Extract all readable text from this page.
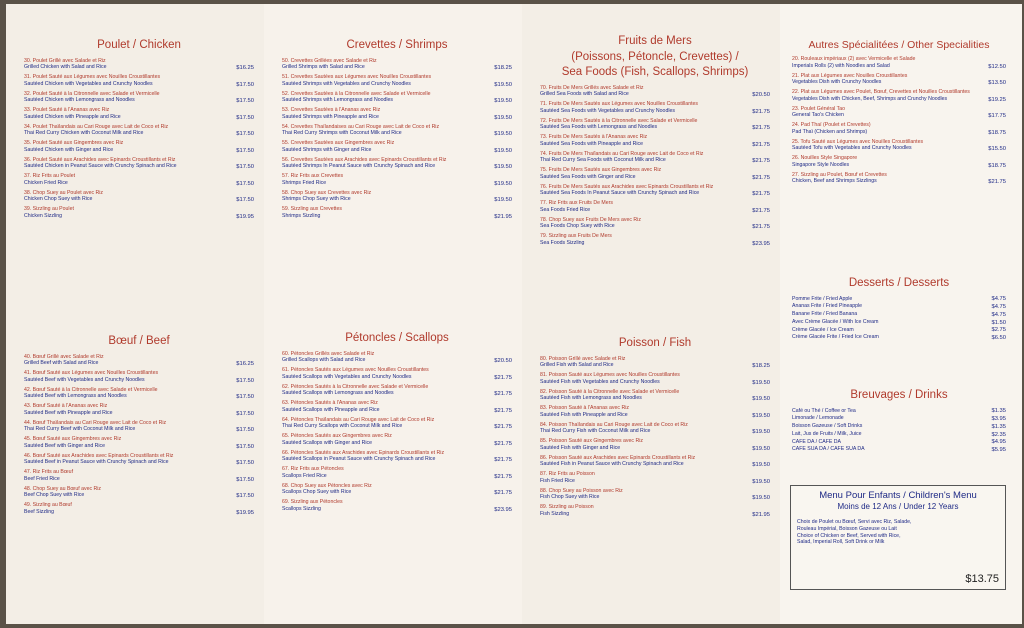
Poulet / Chicken
30. Poulet Grillé avec Salade et Riz
Grilled Chicken with Salad and Rice	$16.25
31. Poulet Sauté aux Légumes avec Nouilles Croustillantes
Sautéed Chicken with Vegetables and Crunchy Noodles	$17.50
32. Poulet Sauté à la Citronnelle avec Salade et Vermicelle
Sautéed Chicken with Lemongrass and Noodles	$17.50
33. Poulet Sauté à l'Ananas avec Riz
Sautéed Chicken with Pineapple and Rice	$17.50
34. Poulet Thaïlandais au Cari Rouge avec Lait de Coco et Riz
Thai Red Curry Chicken with Coconut Milk and Rice	$17.50
35. Poulet Sauté aux Gingembres avec Riz
Sautéed Chicken with Ginger and Rice	$17.50
36. Poulet Sauté aux Arachides avec Épinards Croustillants et Riz
Sautéed Chicken in Peanut Sauce with Crunchy Spinach and Rice	$17.50
37. Riz Frits au Poulet
Chicken Fried Rice	$17.50
38. Chop Suey au Poulet avec Riz
Chicken Chop Suey with Rice	$17.50
39. Sizzling au Poulet
Chicken Sizzling	$19.95
Bœuf / Beef
40. Bœuf Grillé avec Salade et Riz
Grilled Beef with Salad and Rice	$16.25
41. Bœuf Sauté aux Légumes avec Nouilles Croustillantes
Sautéed Beef with Vegetables and Crunchy Noodles	$17.50
42. Bœuf Sauté à la Citronnelle avec Salade et Vermicelle
Sautéed Beef with Lemongrass and Noodles	$17.50
43. Bœuf Sauté à l'Ananas avec Riz
Sautéed Beef with Pineapple and Rice	$17.50
44. Bœuf Thaïlandais au Cari Rouge avec Lait de Coco et Riz
Thai Red Curry Beef with Coconut Milk and Rice	$17.50
45. Bœuf Sauté aux Gingembres avec Riz
Sautéed Beef with Ginger and Rice	$17.50
46. Bœuf Sauté aux Arachides avec Épinards Croustillants et Riz
Sautéed Beef in Peanut Sauce with Crunchy Spinach and Rice	$17.50
47. Riz Frits au Bœuf
Beef Fried Rice	$17.50
48. Chop Suey au Bœuf avec Riz
Beef Chop Suey with Rice	$17.50
49. Sizzling au Bœuf
Beef Sizzling	$19.95
Crevettes / Shrimps
50. Crevettes Grillées avec Salade et Riz
Grilled Shrimps with Salad and Rice	$18.25
51. Crevettes Sautées aux Légumes avec Nouilles Croustillantes
Sautéed Shrimps with Vegetables and Crunchy Noodles	$19.50
52. Crevettes Sautées à la Citronnelle avec Salade et Vermicelle
Sautéed Shrimps with Lemongrass and Noodles	$19.50
53. Crevettes Sautées à l'Ananas avec Riz
Sautéed Shrimps with Pineapple and Rice	$19.50
54. Crevettes Thaïlandaises au Cari Rouge avec Lait de Coco et Riz
Thai Red Curry Shrimps with Coconut Milk and Rice	$19.50
55. Crevettes Sautées aux Gingembres avec Riz
Sautéed Shrimps with Ginger and Rice	$19.50
56. Crevettes Sautées aux Arachides avec Épinards Croustillants et Riz
Sautéed Shrimps In Peanut Sauce with Crunchy Spinach and Rice	$19.50
57. Riz Frits aux Crevettes
Shrimps Fried Rice	$19.50
58. Chop Suey aux Crevettes avec Riz
Shrimps Chop Suey with Rice	$19.50
59. Sizzling aux Crevettes
Shrimps Sizzling	$21.95
Pétoncles / Scallops
60. Pétoncles Grillés avec Salade et Riz
Grilled Scallops with Salad and Rice	$20.50
61. Pétoncles Sautés aux Légumes avec Nouilles Croustillantes
Sautéed Scallops with Vegetables and Crunchy Noodles	$21.75
62. Pétoncles Sautés à la Citronnelle avec Salade et Vermicelle
Sautéed Scallops with Lemongrass and Noodles	$21.75
63. Pétoncles Sautés à l'Ananas avec Riz
Sautéed Scallops with Pineapple and Rice	$21.75
64. Pétoncles Thaïlandais au Cari Rouge avec Lait de Coco et Riz
Thai Red Curry Scallops with Coconut Milk and Rice	$21.75
65. Pétoncles Sautés aux Gingembres avec Riz
Sautéed Scallops with Ginger and Rice	$21.75
66. Pétoncles Sautés aux Arachides avec Épinards Croustillants et Riz
Sautéed Scallops in Peanut Sauce with Crunchy Spinach and Rice	$21.75
67. Riz Frits aux Pétoncles
Scallops Fried Rice	$21.75
68. Chop Suey aux Pétoncles avec Riz
Scallops Chop Suey with Rice	$21.75
69. Sizzling aux Pétoncles
Scallops Sizzling	$23.95
Fruits de Mers
(Poissons, Pétoncle, Crevettes) /
Sea Foods (Fish, Scallops, Shrimps)
70. Fruits De Mers Grillés avec Salade et Riz
Grilled Sea Foods with Salad and Rice	$20.50
71. Fruits De Mers Sautés aux Légumes avec Nouilles Croustillantes
Sautéed Sea Foods with Vegetables and Crunchy Noodles	$21.75
72. Fruits De Mers Sautés à la Citronnelle avec Salade et Vermicelle
Sautéed Sea Foods with Lemongrass and Noodles	$21.75
73. Fruits De Mers Sautés à l'Ananas avec Riz
Sautéed Sea Foods with Pineapple and Rice	$21.75
74. Fruits De Mers Thaïlandais au Cari Rouge avec Lait de Coco et Riz
Thai Red Curry Sea Foods with Coconut Milk and Rice	$21.75
75. Fruits De Mers Sautés aux Gingembres avec Riz
Sautéed Sea Foods with Ginger and Rice	$21.75
76. Fruits De Mers Sautés aux Arachides avec Épinards Croustillants et Riz
Sautéed Sea Foods In Peanut Sauce with Crunchy Spinach and Rice	$21.75
77. Riz Frits aux Fruits De Mers
Sea Foods Fried Rice	$21.75
78. Chop Suey aux Fruits De Mers avec Riz
Sea Foods Chop Suey with Rice	$21.75
79. Sizzling aux Fruits De Mers
Sea Foods Sizzling	$23.95
Poisson / Fish
80. Poisson Grillé avec Salade et Riz
Grilled Fish with Salad and Rice	$18.25
81. Poisson Sauté aux Légumes avec Nouilles Croustillantes
Sautéed Fish with Vegetables and Crunchy Noodles	$19.50
82. Poisson Sauté à la Citronnelle avec Salade et Vermicelle
Sautéed Fish with Lemongrass and Noodles	$19.50
83. Poisson Sauté à l'Ananas avec Riz
Sautéed Fish with Pineapple and Rice	$19.50
84. Poisson Thaïlandais au Cari Rouge avec Lait de Coco et Riz
Thai Red Curry Fish with Coconut Milk and Rice	$19.50
85. Poisson Sauté aux Gingembres avec Riz
Sautéed Fish with Ginger and Rice	$19.50
86. Poisson Sauté aux Arachides avec Épinards Croustillants et Riz
Sautéed Fish in Peanut Sauce with Crunchy Spinach and Rice	$19.50
87. Riz Frits au Poisson
Fish Fried Rice	$19.50
88. Chop Suey au Poisson avec Riz
Fish Chop Suey with Rice	$19.50
89. Sizzling au Poisson
Fish Sizzling	$21.95
Autres Spécialitées / Other Specialities
20. Rouleaux impériaux (2) avec Vermicelle et Salade
Imperials Rolls (2) with Noodles and Salad	$12.50
21. Plat aux Légumes avec Nouilles Croustillantes
Vegetables Dish with Crunchy Noodles	$13.50
22. Plat aux Légumes avec Poulet, Bœuf, Crevettes et Nouilles Croustillantes
Vegetables Dish with Chicken, Beef, Shrimps and Crunchy Noodles	$19.25
23. Poulet Général Tao
General Tao's Chicken	$17.75
24. Pad Thaï (Poulet et Crevettes)
Pad Thaï (Chicken and Shrimps)	$18.75
25. Tofu Sauté aux Légumes avec Nouilles Croustillantes
Sautéed Tofu with Vegetables and Crunchy Noodles	$15.50
26. Nouilles Style Singapore
Singapore Style Noodles	$18.75
27. Sizzling au Poulet, Bœuf et Crevettes
Chicken, Beef and Shrimps Sizzlings	$21.75
Desserts / Desserts
Pomme Frite / Fried Apple	$4.75
Ananas Frite / Fried Pineapple	$4.75
Banane Frite / Fried Banana	$4.75
Avec Crème Glacée / With Ice Cream	$1.50
Crème Glacée / Ice Cream	$2.75
Crème Glacée Frite / Fried Ice Cream	$6.50
Breuvages / Drinks
Café ou Thé / Coffee or Tea	$1.35
Limonade / Lemonade	$3.95
Boisson Gazeuse / Soft Drinks	$1.35
Lait, Jus de Fruits / Milk, Juice	$2.35
CAFE DA / CAFÉ DA	$4.95
CAFE SUA DA / CAFÉ SUA DA	$5.95
Menu Pour Enfants / Children's Menu
Moins de 12 Ans / Under 12 Years
Choix de Poulet ou Bœuf, Servi avec Riz, Salade,
Rouleau Impérial, Boisson Gazeuse ou Lait
Choice of Chicken or Beef, Served with Rice,
Salad, Imperial Roll, Soft Drink or Milk
$13.75
